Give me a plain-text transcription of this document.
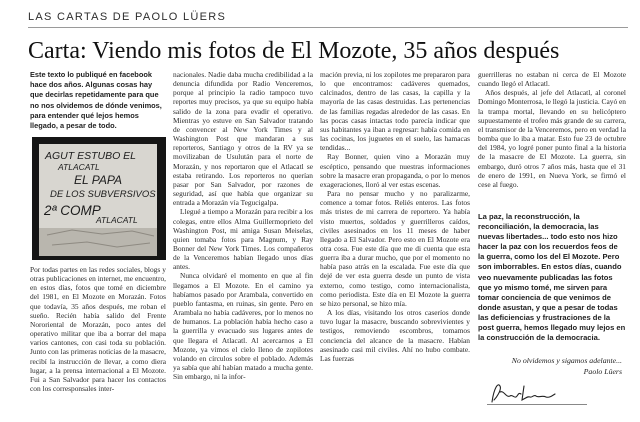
LAS CARTAS DE PAOLO LÜERS
Carta: Viendo mis fotos de El Mozote, 35 años después
Este texto lo publiqué en facebook hace dos años. Algunas cosas hay que decirlas repetidamente para que no nos olvidemos de dónde venimos, para entender qué lejos hemos llegado, a pesar de todo.
AGUT ESTUBO EL
ATLACATL
EL PAPA
DE LOS SUBVERSIVOS
2ª COMP
ATLACATL

Por todas partes en las redes sociales, blogs y otras publicaciones en internet, me encuentro, en estos días, fotos que tomé en diciembre del 1981, en El Mozote en Morazán. Fotos que todavía, 35 años después, me roban el sueño. Recién había salido del Frente Nororiental de Morazán, poco antes del operativo militar que iba a borrar del mapa varios cantones, con casi toda su población. Junto con las primeras noticias de la masacre, recibí la instrucción de llevar, a como diera lugar, a la prensa internacional a El Mozote. Fui a San Salvador para hacer los contactos con los corresponsales inter-

nacionales. Nadie daba mucha credibilidad a la denuncia difundida por Radio Venceremos, porque al principio la radio tampoco tuvo reportes muy precisos, ya que su equipo había salido de la zona para evadir el operativo. Mientras yo estuve en San Salvador tratando de convencer al New York Times y al Washington Post que mandaran a sus reporteros, Santiago y otros de la RV ya se movilizaban de Usulután para el norte de Morazán, y nos reportaron que el Atlacatl se estaba retirando. Los reporteros no querían pasar por San Salvador, por razones de seguridad, así que había que organizar su entrada a Morazán vía Tegucigalpa.

Llegué a tiempo a Morazán para recibir a los colegas, entre ellos Alma Guillermoprieto del Washington Post, mi amiga Susan Meiselas, quien tomaba fotos para Magnum, y Ray Bonner del New York Times. Los compañeros de la Venceremos habían llegado unos días antes.

Nunca olvidaré el momento en que al fin llegamos a El Mozote. En el camino ya habíamos pasado por Arambala, convertido en pueblo fantasma, en ruinas, sin gente. Pero en Arambala no había cadáveres, por lo menos no de humanos. La población había hecho caso a la guerrilla y evacuado sus lugares antes de que llegara el Atlacatl. Al acercarnos a El Mozote, ya vimos el cielo lleno de zopilotes volando en círculos sobre el poblado. Además ya sabía que ahí habían matado a mucha gente. Sin embargo, ni la infor-

mación previa, ni los zopilotes me prepararon para lo que encontramos: cadáveres quemados, calcinados, dentro de las casas, la capilla y la mayoría de las casas destruidas. Las pertenencias de las familias regadas alrededor de las casas. En las pocas casas intactas todo parecía indicar que sus habitantes ya iban a regresar: había comida en las cocinas, los juguetes en el suelo, las hamacas tendidas...

Ray Bonner, quien vino a Morazán muy escéptico, pensando que nuestras informaciones sobre la masacre eran propaganda, o por lo menos exageraciones, lloró al ver estas escenas.

Para no pensar mucho y no paralizarme, comence a tomar fotos. Reliés enteros. Las fotos más tristes de mi carrera de reportero. Ya había visto muertos, soldados y guerrilleros caídos, civiles asesinados en los 11 meses de haber llegado a El Salvador. Pero esto en El Mozote era otra cosa. Fue este día que me di cuenta que esta guerra iba a durar mucho, que por el momento no había paso atrás en la escalada. Fue este día que dejé de ver esta guerra desde un punto de vista externo, como testigo, como internacionalista, como periodista. Este día en El Mozote la guerra se hizo personal, se hizo mía.

A los días, visitando los otros caseríos donde tuvo lugar la masacre, buscando sobrevivientes y testigos, removiendo escombros, tomamos conciencia del alcance de la masacre. Habían asesinado casi mil civiles. Ahí no hubo combate. Las fuerzas

guerrilleras no estaban ni cerca de El Mozote cuando llegó el Atlacatl.

Años después, al jefe del Atlacatl, al coronel Domingo Monterrosa, le llegó la justicia. Cayó en la trampa mortal, llevando en su helicóptero supuestamente el trofeo más grande de su carrera, el transmisor de la Venceremos, pero en verdad la bomba que lo iba a matar. Esto fue 23 de octubre del 1984, yo logré poner punto final a la historia de la masacre de El Mozote. La guerra, sin embargo, duró otros 7 años más, hasta que el 31 de enero de 1991, en Nueva York, se firmó el cese al fuego.

La paz, la reconstrucción, la reconciliación, la democracia, las nuevas libertades... todo esto nos hizo hacer la paz con los recuerdos feos de la guerra, como los del El Mozote. Pero son imborrables. En estos días, cuando veo nuevamente publicadas las fotos que yo mismo tomé, me sirven para tomar conciencia de que venimos de donde asustan, y que a pesar de todas las deficiencias y frustraciones de la post guerra, hemos llegado muy lejos en la construcción de la democracia.
No olvidemos y sigamos adelante...
Paolo Lüers
